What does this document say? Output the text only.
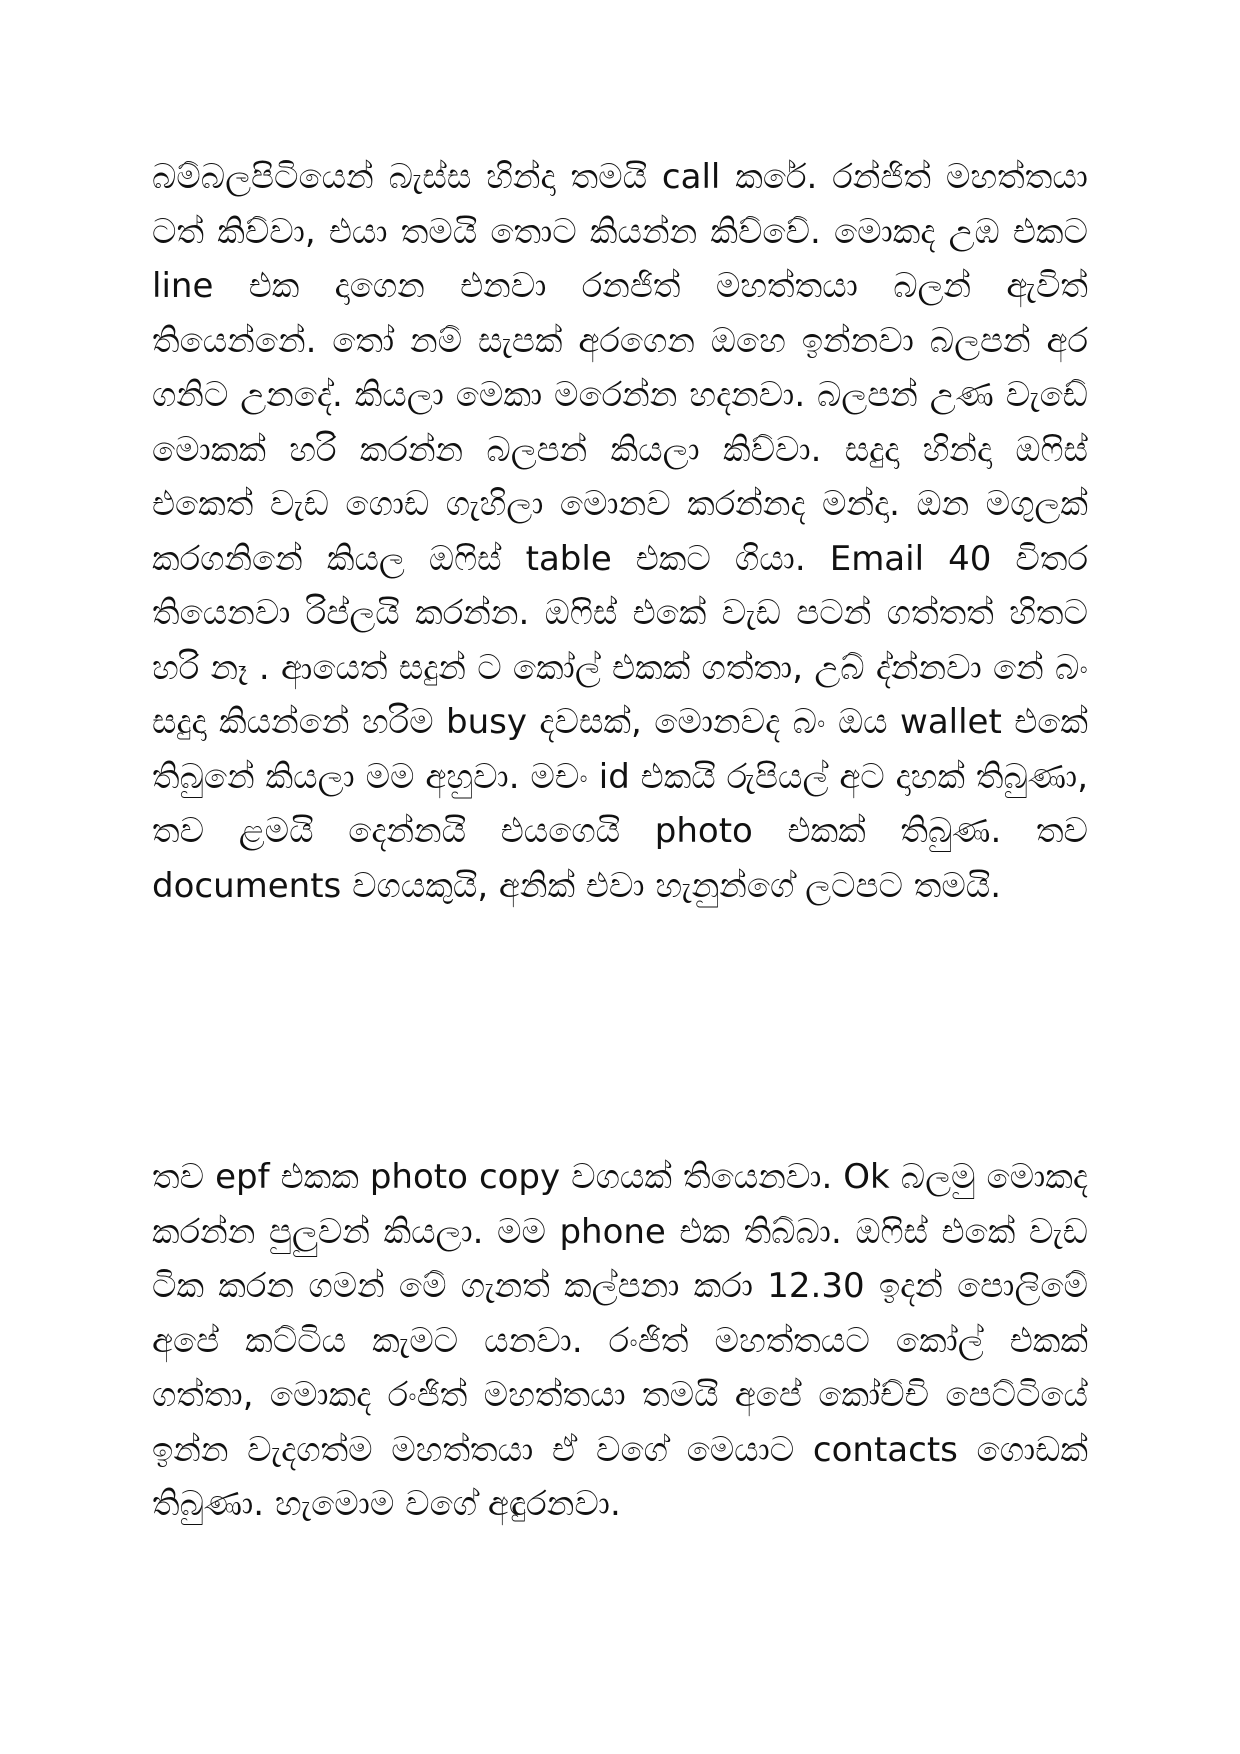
බම්බලපිටියෙන් බැස්ස හින්දා තමයි call කරේ. රන්ජිත් මහත්තයා ටත් කිව්වා, එයා තමයි තොට කියන්න කිව්වේ. මොකද උඹ එකට line එක දාගෙන එනවා රනජිත් මහත්තයා බලන් ඇවිත් තියෙන්නේ. තෝ නම් සැපක් අරගෙන ඔහෙ ඉන්නවා බලපන් අර ගනිට උනදේ. කියලා මෙකා මරෙන්න හදනවා. බලපන් උණ වැඩේ මොකක් හරි කරන්න බලපන් කියලා කිව්වා. සදුදා හින්දා ඔෆිස් එකෙත් වැඩ ගොඩ ගැහිලා මොනව කරන්නද මන්දා. ඔන මගුලක් කරගනිනේ කියල ඔෆිස් table එකට ගියා. Email 40 විතර තියෙනවා රිප්ලයි කරන්න. ඔෆිස් එකේ වැඩ පටන් ගත්තත් හිතට හරි නෑ . ආයෙත් සදුන් ට කෝල් එකක් ගත්තා, උබ් ද්න්නවා නේ බං සදුදා කියන්නේ හරිම busy දවසක්, මොනවද බං ඔය wallet එකේ තිබුනේ කියලා මම අහුවා. මචං id එකයි රුපියල් අට දාහක් තිබුණා, තව ළමයි දෙන්නයි එයගෙයි photo එකක් තිබුණ. තව documents වගයකුයි, අනික් එවා හැනුන්ගේ ලටපට තමයි.

තව epf එකක photo copy වගයක් තියෙනවා. Ok බලමු මොකද කරන්න පුලුවන් කියලා. මම phone එක තිබ්බා. ඔෆිස් එකේ වැඩ ටික කරන ගමන් මේ ගැනත් කල්පනා කරා 12.30 ඉදන් පොලිමේ අපේ කට්ටිය කැමට යනවා. රංජිත් මහත්තයට කෝල් එකක් ගත්තා, මොකද රංජිත් මහත්තයා තමයි අපේ කෝච්චි පෙට්ටියේ ඉන්න වැදගත්ම මහත්තයා ඒ වගේ මෙයාට contacts ගොඩක් තිබුණා. හැමොම වගේ අඳුරනවා.
